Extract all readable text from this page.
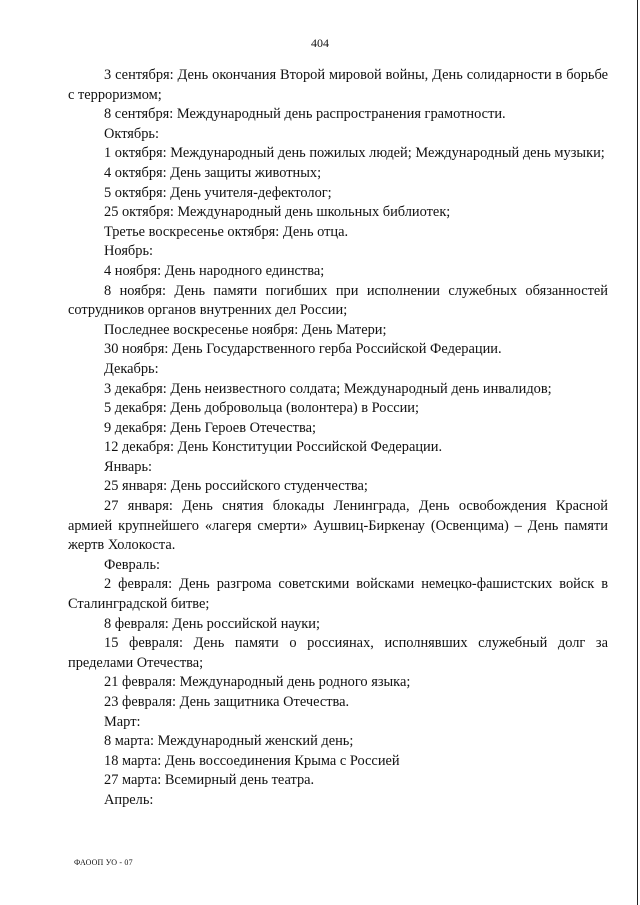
404

3 сентября: День окончания Второй мировой войны, День солидарности в борьбе с терроризмом;

8 сентября: Международный день распространения грамотности.

Октябрь:

1 октября: Международный день пожилых людей; Международный день музыки;

4 октября: День защиты животных;

5 октября: День учителя-дефектолог;

25 октября: Международный день школьных библиотек;

Третье воскресенье октября: День отца.

Ноябрь:

4 ноября: День народного единства;

8 ноября: День памяти погибших при исполнении служебных обязанностей сотрудников органов внутренних дел России;

Последнее воскресенье ноября: День Матери;

30 ноября: День Государственного герба Российской Федерации.

Декабрь:

3 декабря: День неизвестного солдата; Международный день инвалидов;

5 декабря: День добровольца (волонтера) в России;

9 декабря: День Героев Отечества;

12 декабря: День Конституции Российской Федерации.

Январь:

25 января: День российского студенчества;

27 января: День снятия блокады Ленинграда, День освобождения Красной армией крупнейшего «лагеря смерти» Аушвиц-Биркенау (Освенцима) – День памяти жертв Холокоста.

Февраль:

2 февраля: День разгрома советскими войсками немецко-фашистских войск в Сталинградской битве;

8 февраля: День российской науки;

15 февраля: День памяти о россиянах, исполнявших служебный долг за пределами Отечества;

21 февраля: Международный день родного языка;

23 февраля: День защитника Отечества.

Март:

8 марта: Международный женский день;

18 марта: День воссоединения Крыма с Россией

27 марта: Всемирный день театра.

Апрель:

ФАООП УО - 07
